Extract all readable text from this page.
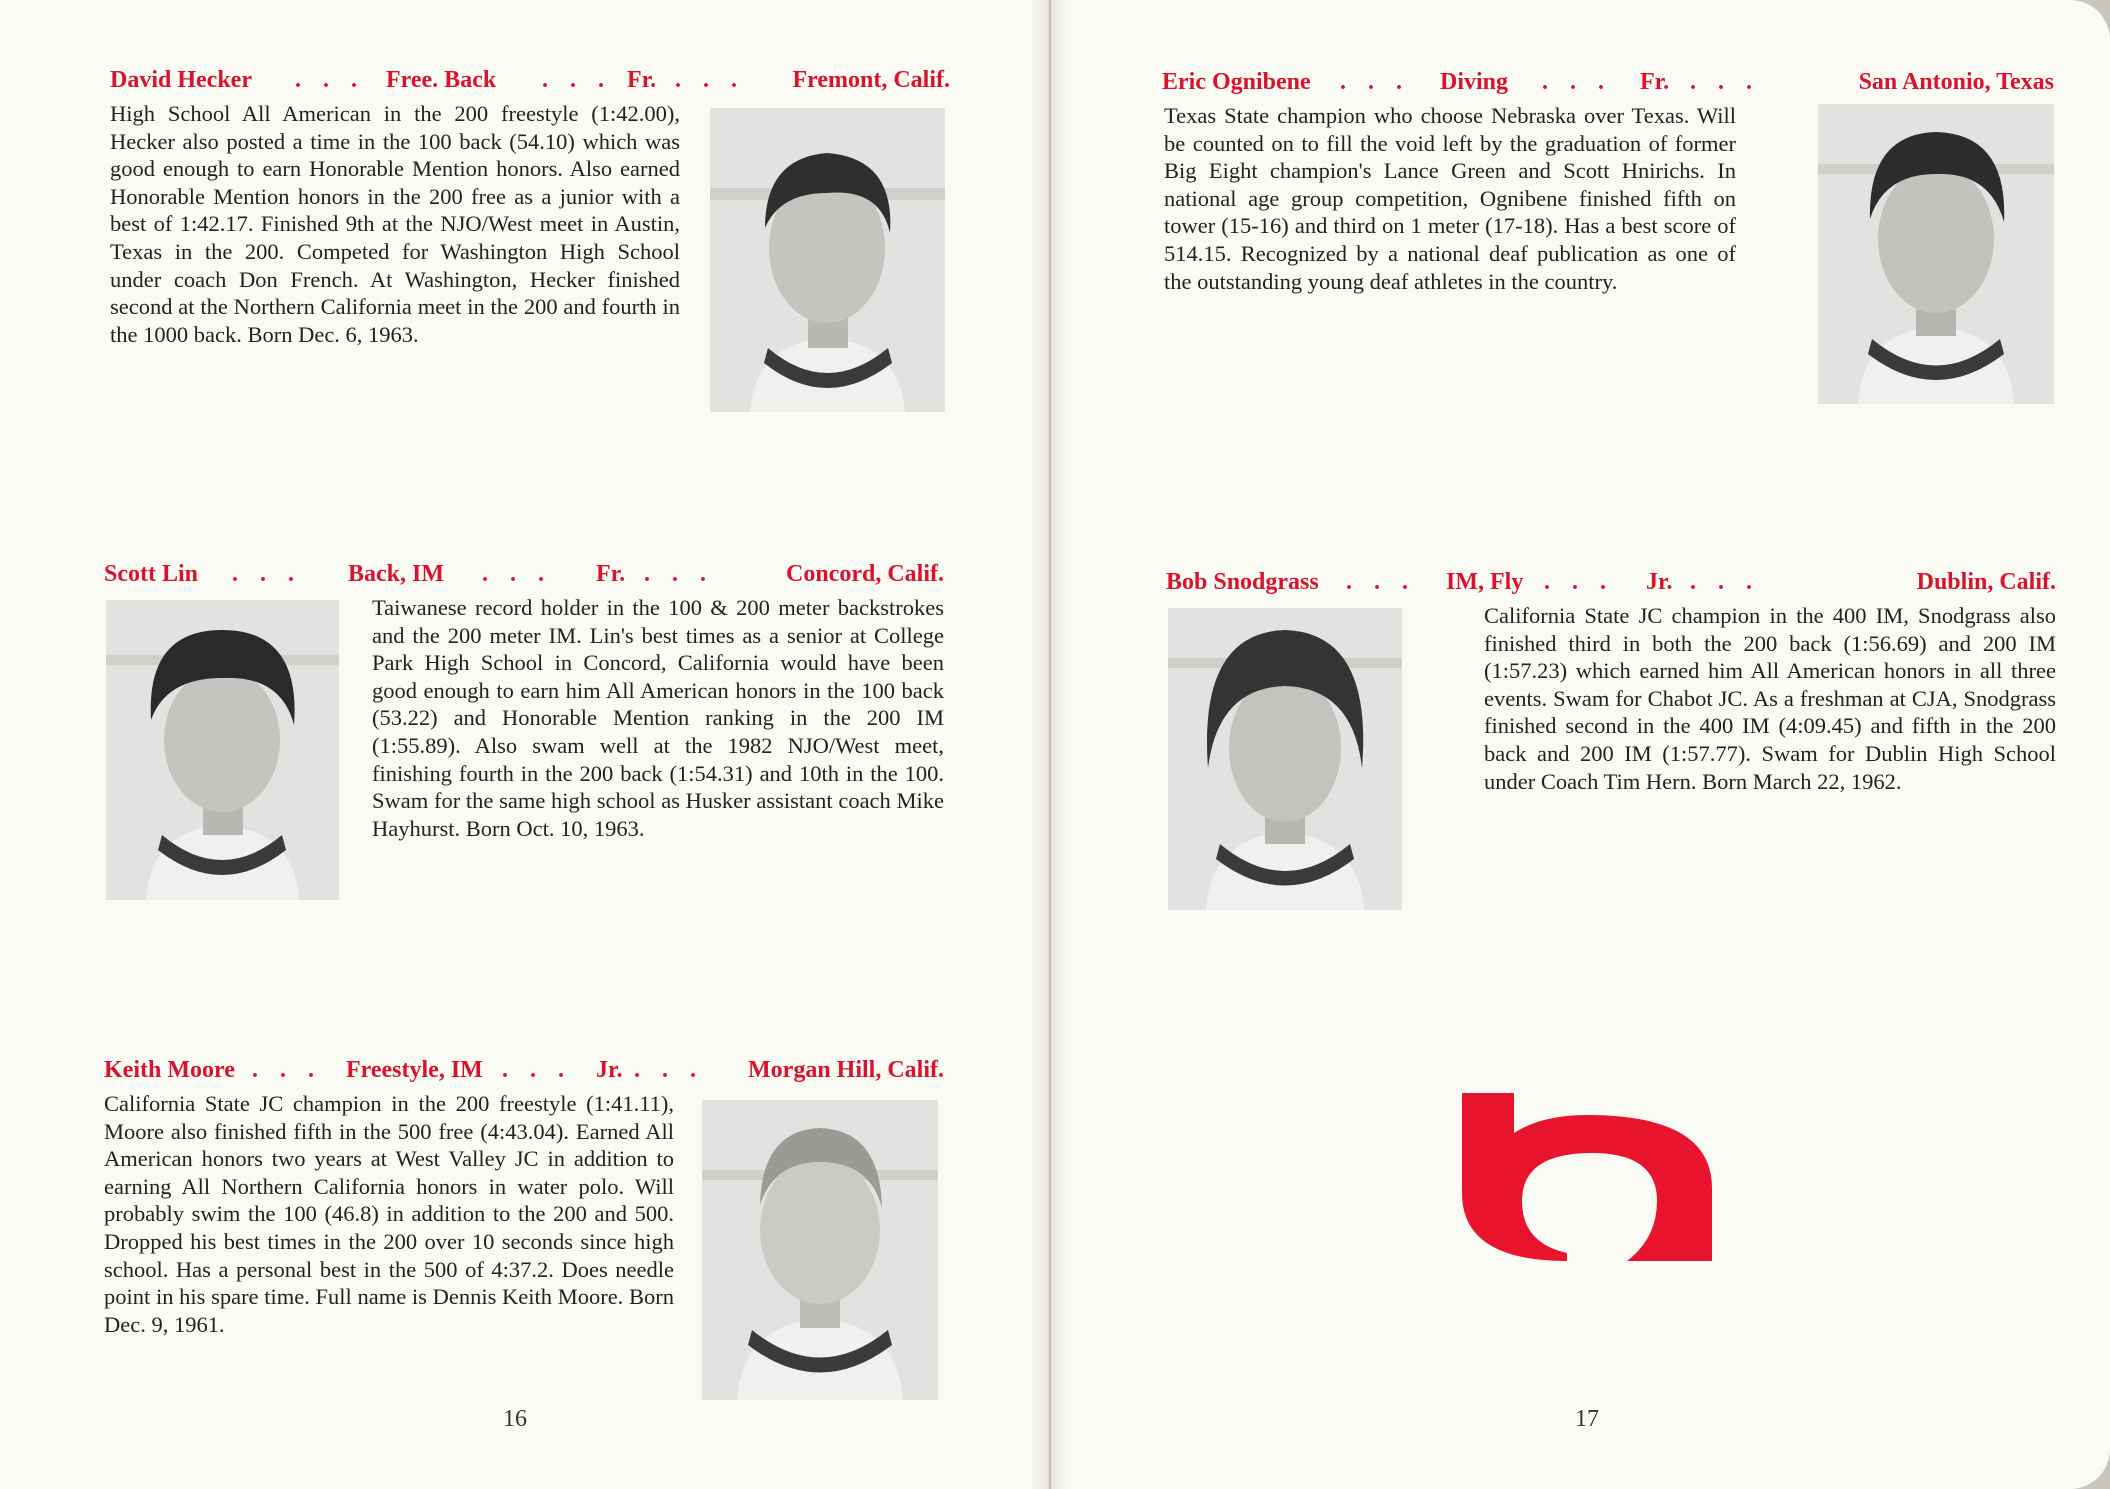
David Hecker . . . Free. Back . . . Fr. . . . Fremont, Calif.
High School All American in the 200 freestyle (1:42.00), Hecker also posted a time in the 100 back (54.10) which was good enough to earn Honorable Mention honors. Also earned Honorable Mention honors in the 200 free as a junior with a best of 1:42.17. Finished 9th at the NJO/West meet in Austin, Texas in the 200. Competed for Washington High School under coach Don French. At Washington, Hecker finished second at the Northern California meet in the 200 and fourth in the 1000 back. Born Dec. 6, 1963.
Scott Lin . . . Back, IM . . . Fr. . . .	Concord, Calif.
Taiwanese record holder in the 100 & 200 meter backstrokes and the 200 meter IM. Lin's best times as a senior at College Park High School in Concord, California would have been good enough to earn him All American honors in the 100 back (53.22) and Honorable Mention ranking in the 200 IM (1:55.89). Also swam well at the 1982 NJO/West meet, finishing fourth in the 200 back (1:54.31) and 10th in the 100. Swam for the same high school as Husker assistant coach Mike Hayhurst. Born Oct. 10, 1963.
Keith Moore . . . Freestyle, IM . . . Jr. . . . Morgan Hill, Calif.
California State JC champion in the 200 freestyle (1:41.11), Moore also finished fifth in the 500 free (4:43.04). Earned All American honors two years at West Valley JC in addition to earning All Northern California honors in water polo. Will probably swim the 100 (46.8) in addition to the 200 and 500. Dropped his best times in the 200 over 10 seconds since high school. Has a personal best in the 500 of 4:37.2. Does needle point in his spare time. Full name is Dennis Keith Moore. Born Dec. 9, 1961.
16
Eric Ognibene . . . Diving . . . Fr. . . .	San Antonio, Texas
Texas State champion who choose Nebraska over Texas. Will be counted on to fill the void left by the graduation of former Big Eight champion's Lance Green and Scott Hnirichs. In national age group competition, Ognibene finished fifth on tower (15-16) and third on 1 meter (17-18). Has a best score of 514.15. Recognized by a national deaf publication as one of the outstanding young deaf athletes in the country.
Bob Snodgrass . . . IM, Fly . . . Jr. . . .	Dublin, Calif.
California State JC champion in the 400 IM, Snodgrass also finished third in both the 200 back (1:56.69) and 200 IM (1:57.23) which earned him All American honors in all three events. Swam for Chabot JC. As a freshman at CJA, Snodgrass finished second in the 400 IM (4:09.45) and fifth in the 200 back and 200 IM (1:57.77). Swam for Dublin High School under Coach Tim Hern. Born March 22, 1962.
17
